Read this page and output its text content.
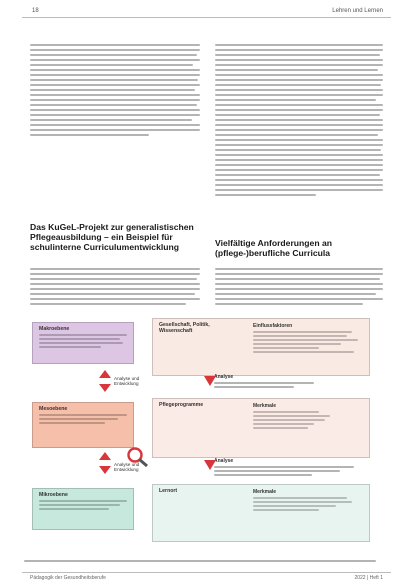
18	Lehren und Lernen
Das KuGeL-Projekt zur generalistischen Pflegeausbildung – ein Beispiel für schulinterne Curriculumentwicklung	Vielfältige Anforderungen an (pflege-)berufliche Curricula
Makroebene
Gesellschaft, Politik, Wissenschaft
Einflussfaktoren
Analyse und Entwicklung
Analyse
Mesoebene
Pflegeprogramme	Merkmale
Analyse und Entwicklung
Analyse
Mikroebene
Lernort	Merkmale
Pädagogik der Gesundheitsberufe	2022 | Heft 1
